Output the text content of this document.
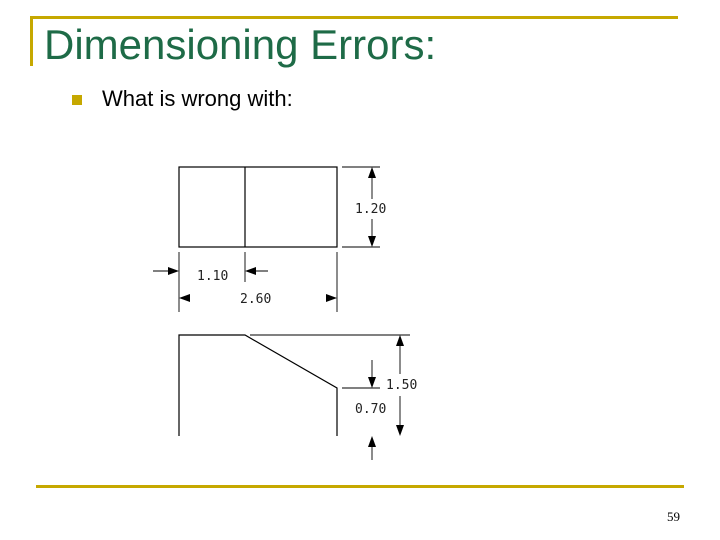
Dimensioning Errors:
What is wrong with:
1.20
1.10
2.60
1.50
0.70
59
